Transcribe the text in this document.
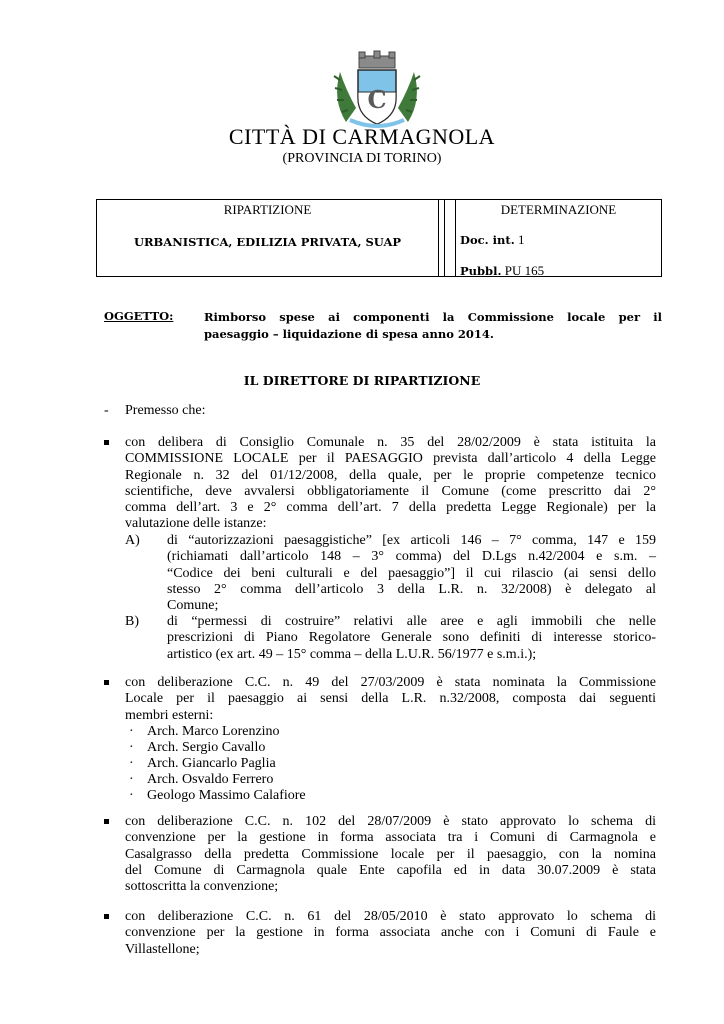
C
CITTÀ DI CARMAGNOLA
(PROVINCIA DI TORINO)
RIPARTIZIONE
URBANISTICA, EDILIZIA PRIVATA, SUAP
DETERMINAZIONE
Doc. int. 1
Pubbl. PU 165
OGGETTO:	Rimborso spese ai componenti la Commissione locale per il
paesaggio – liquidazione di spesa anno 2014.
IL DIRETTORE DI RIPARTIZIONE
- Premesso che:
con delibera di Consiglio Comunale n. 35 del 28/02/2009 è stata istituita la
COMMISSIONE LOCALE per il PAESAGGIO prevista dall’articolo 4 della Legge
Regionale n. 32 del 01/12/2008, della quale, per le proprie competenze tecnico
scientifiche, deve avvalersi obbligatoriamente il Comune (come prescritto dai 2°
comma dell’art. 3 e 2° comma dell’art. 7 della predetta Legge Regionale) per la
valutazione delle istanze:
A) di “autorizzazioni paesaggistiche” [ex articoli 146 – 7° comma, 147 e 159
(richiamati dall’articolo 148 – 3° comma) del D.Lgs n.42/2004 e s.m. –
“Codice dei beni culturali e del paesaggio”] il cui rilascio (ai sensi dello
stesso 2° comma dell’articolo 3 della L.R. n. 32/2008) è delegato al
Comune;
B) di “permessi di costruire” relativi alle aree e agli immobili che nelle
prescrizioni di Piano Regolatore Generale sono definiti di interesse storico-
artistico (ex art. 49 – 15° comma – della L.U.R. 56/1977 e s.m.i.);
con deliberazione C.C. n. 49 del 27/03/2009 è stata nominata la Commissione
Locale per il paesaggio ai sensi della L.R. n.32/2008, composta dai seguenti
membri esterni:
· Arch. Marco Lorenzino
· Arch. Sergio Cavallo
· Arch. Giancarlo Paglia
· Arch. Osvaldo Ferrero
· Geologo Massimo Calafiore
con deliberazione C.C. n. 102 del 28/07/2009 è stato approvato lo schema di
convenzione per la gestione in forma associata tra i Comuni di Carmagnola e
Casalgrasso della predetta Commissione locale per il paesaggio, con la nomina
del Comune di Carmagnola quale Ente capofila ed in data 30.07.2009 è stata
sottoscritta la convenzione;
con deliberazione C.C. n. 61 del 28/05/2010 è stato approvato lo schema di
convenzione per la gestione in forma associata anche con i Comuni di Faule e
Villastellone;
